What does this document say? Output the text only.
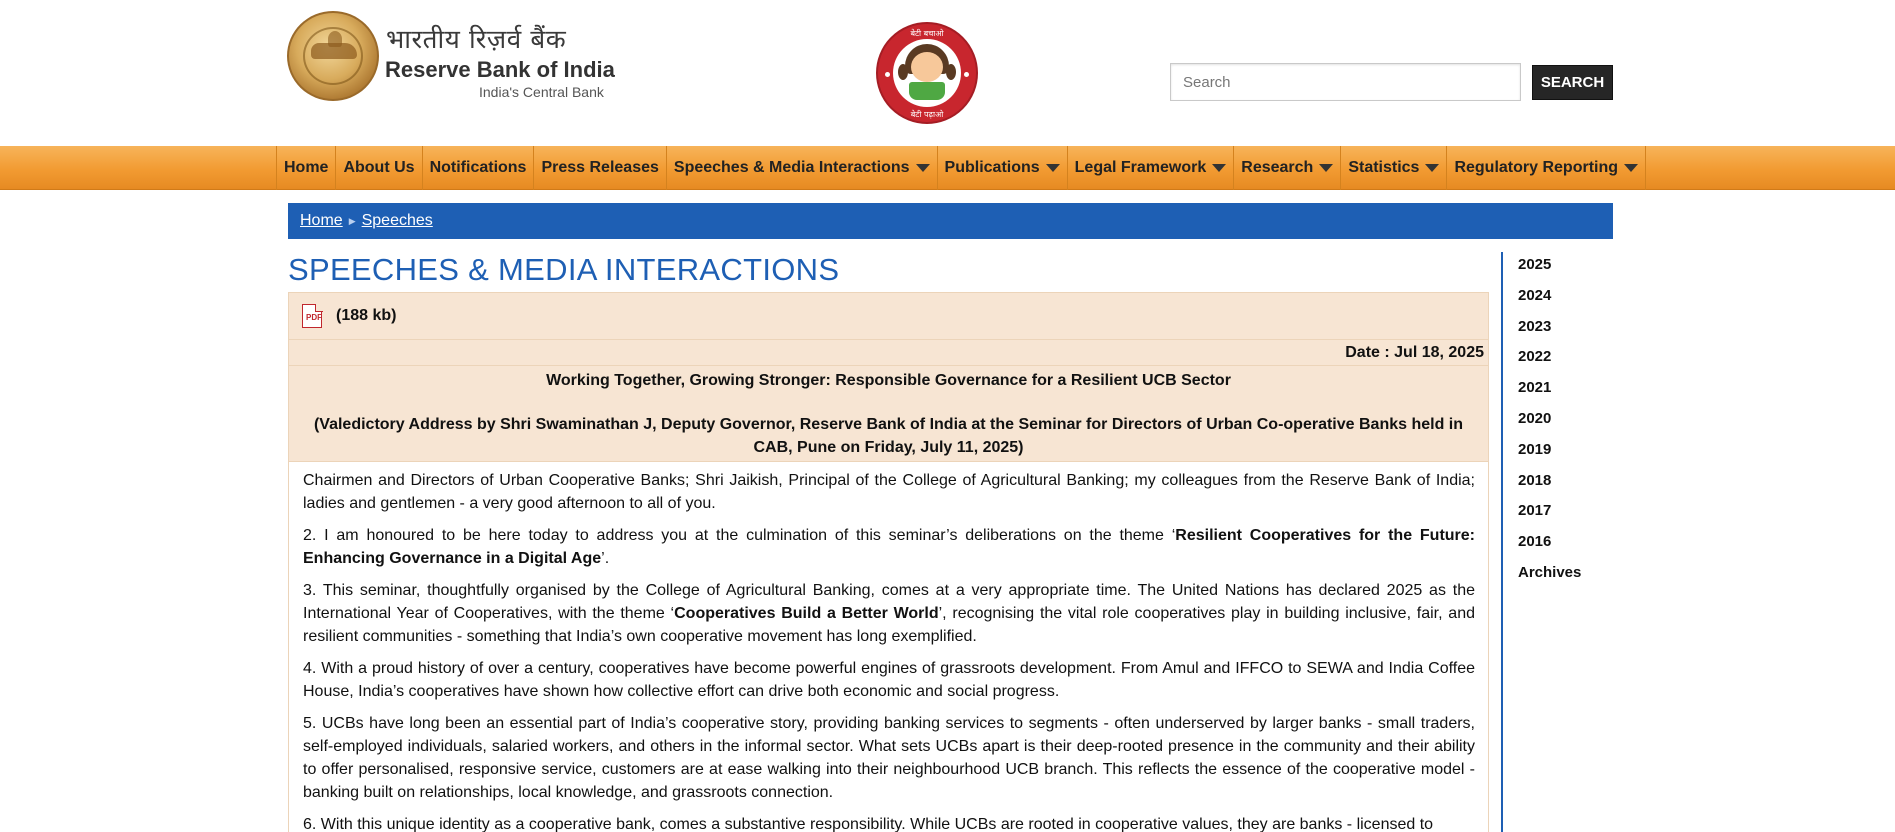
भारतीय रिज़र्व बैंक
Reserve Bank of India
India's Central Bank
बेटी बचाओ
बेटी पढ़ाओ
Search
SEARCH
Home About Us Notifications Press Releases Speeches & Media Interactions Publications Legal Framework Research Statistics Regulatory Reporting
Home ▶ Speeches
SPEECHES & MEDIA INTERACTIONS
PDF (188 kb)
Date : Jul 18, 2025
Working Together, Growing Stronger: Responsible Governance for a Resilient UCB Sector
(Valedictory Address by Shri Swaminathan J, Deputy Governor, Reserve Bank of India at the Seminar for Directors of Urban Co-operative Banks held in CAB, Pune on Friday, July 11, 2025)

Chairmen and Directors of Urban Cooperative Banks; Shri Jaikish, Principal of the College of Agricultural Banking; my colleagues from the Reserve Bank of India; ladies and gentlemen - a very good afternoon to all of you.

2. I am honoured to be here today to address you at the culmination of this seminar’s deliberations on the theme ‘Resilient Cooperatives for the Future: Enhancing Governance in a Digital Age’.

3. This seminar, thoughtfully organised by the College of Agricultural Banking, comes at a very appropriate time. The United Nations has declared 2025 as the International Year of Cooperatives, with the theme ‘Cooperatives Build a Better World’, recognising the vital role cooperatives play in building inclusive, fair, and resilient communities - something that India’s own cooperative movement has long exemplified.

4. With a proud history of over a century, cooperatives have become powerful engines of grassroots development. From Amul and IFFCO to SEWA and India Coffee House, India’s cooperatives have shown how collective effort can drive both economic and social progress.

5. UCBs have long been an essential part of India’s cooperative story, providing banking services to segments - often underserved by larger banks - small traders, self-employed individuals, salaried workers, and others in the informal sector. What sets UCBs apart is their deep-rooted presence in the community and their ability to offer personalised, responsive service, customers are at ease walking into their neighbourhood UCB branch. This reflects the essence of the cooperative model - banking built on relationships, local knowledge, and grassroots connection.

6. With this unique identity as a cooperative bank, comes a substantive responsibility. While UCBs are rooted in cooperative values, they are banks - licensed to

2025
2024
2023
2022
2021
2020
2019
2018
2017
2016
Archives
